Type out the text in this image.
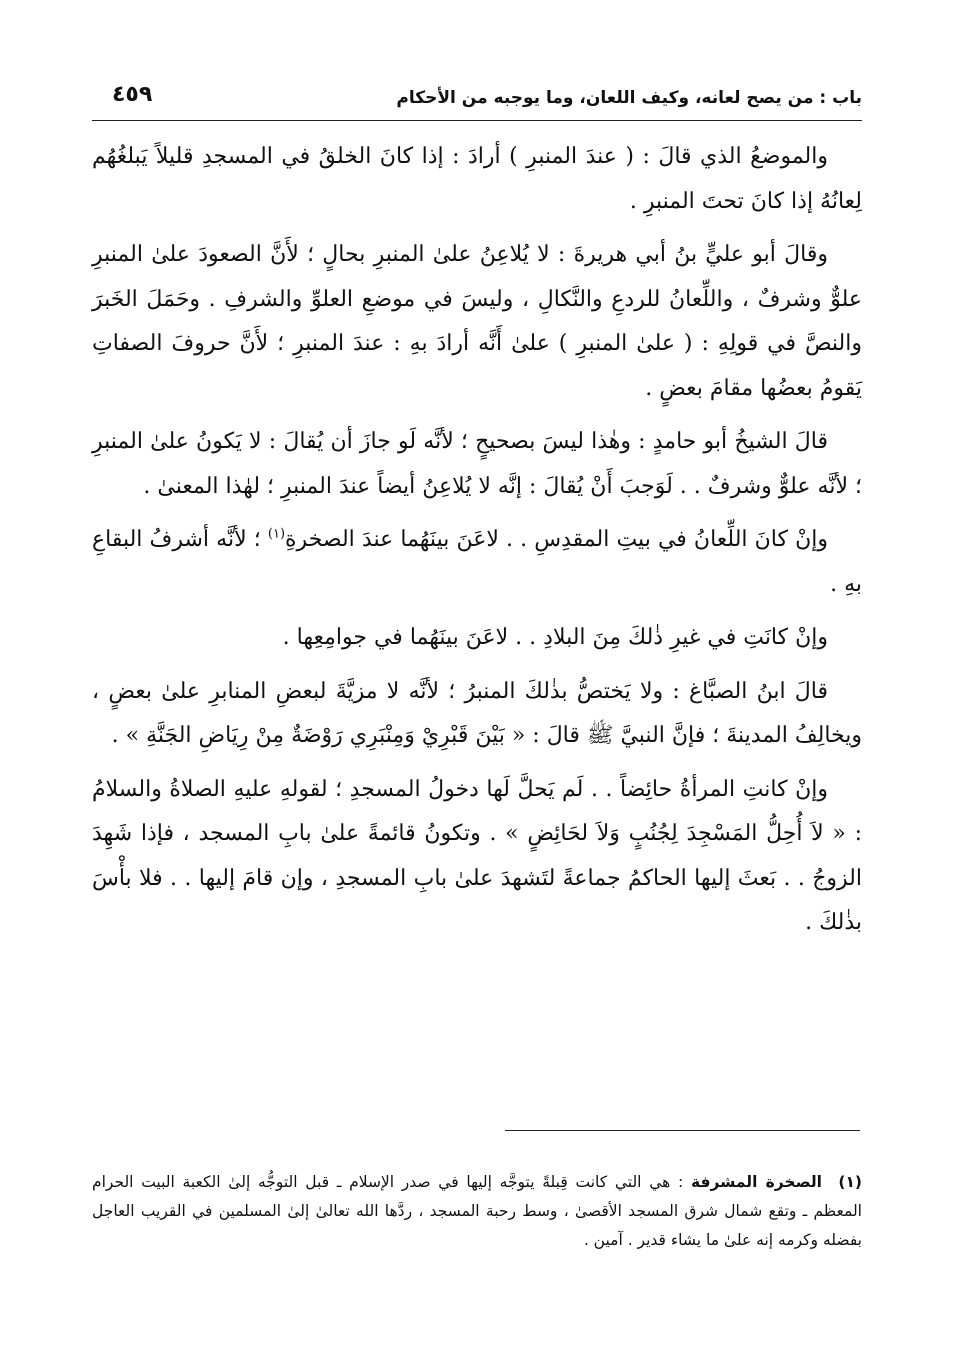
باب : من يصح لعانه، وكيف اللعان، وما يوجبه من الأحكام
٤٥٩

والموضعُ الذي قالَ : ( عندَ المنبرِ ) أرادَ : إذا كانَ الخلقُ في المسجدِ قليلاً يَبلغُهُم لِعانُهُ إذا كانَ تحتَ المنبرِ .

وقالَ أبو عليٍّ بنُ أبي هريرةَ : لا يُلاعِنُ علىٰ المنبرِ بحالٍ ؛ لأَنَّ الصعودَ علىٰ المنبرِ علوٌّ وشرفٌ ، واللِّعانُ للردعِ والنَّكالِ ، وليسَ في موضعِ العلوِّ والشرفِ . وحَمَلَ الخَبرَ والنصَّ في قولِهِ : ( علىٰ المنبرِ ) علىٰ أَنَّه أرادَ بهِ : عندَ المنبرِ ؛ لأَنَّ حروفَ الصفاتِ يَقومُ بعضُها مقامَ بعضٍ .

قالَ الشيخُ أبو حامدٍ : وهٰذا ليسَ بصحيحٍ ؛ لأنَّه لَو جازَ أن يُقالَ : لا يَكونُ علىٰ المنبرِ ؛ لأنَّه علوٌّ وشرفٌ . . لَوَجبَ أَنْ يُقالَ : إنَّه لا يُلاعِنُ أيضاً عندَ المنبرِ ؛ لهٰذا المعنىٰ .

وإنْ كانَ اللِّعانُ في بيتِ المقدِسِ . . لاعَنَ بينَهُما عندَ الصخرةِ$^{(١)}$ ؛ لأنَّه أشرفُ البقاعِ بهِ .

وإنْ كانَتِ في غيرِ ذٰلكَ مِنَ البلادِ . . لاعَنَ بينَهُما في جوامِعِها .

قالَ ابنُ الصبَّاغ : ولا يَختصُّ بذٰلكَ المنبرُ ؛ لأنَّه لا مزيَّةَ لبعضِ المنابرِ علىٰ بعضٍ ، ويخالِفُ المدينةَ ؛ فإنَّ النبيَّ ﷺ قالَ : « بَيْنَ قَبْرِيْ وَمِنْبَرِي رَوْضَةٌ مِنْ رِيَاضِ الجَنَّةِ » .

وإنْ كانتِ المرأةُ حائِضاً . . لَم يَحلَّ لَها دخولُ المسجدِ ؛ لقولهِ عليهِ الصلاةُ والسلامُ : « لاَ أُحِلُّ المَسْجِدَ لِجُنُبٍ وَلاَ لحَائِضٍ » . وتكونُ قائمةً علىٰ بابِ المسجد ، فإذا شَهِدَ الزوجُ . . بَعثَ إليها الحاكمُ جماعةً لتَشهدَ علىٰ بابِ المسجدِ ، وإن قامَ إليها . . فلا بأْسَ بذٰلكَ .

(١)الصخرة المشرفة : هي التي كانت قِبلةً يتوجَّه إليها في صدر الإسلام ـ قبل التوجُّه إلىٰ الكعبة البيت الحرام المعظم ـ وتقع شمال شرق المسجد الأقصىٰ ، وسط رحبة المسجد ، ردَّها الله تعالىٰ إلىٰ المسلمين في القريب العاجل بفضله وكرمه إنه علىٰ ما يشاء قدير . آمين .
